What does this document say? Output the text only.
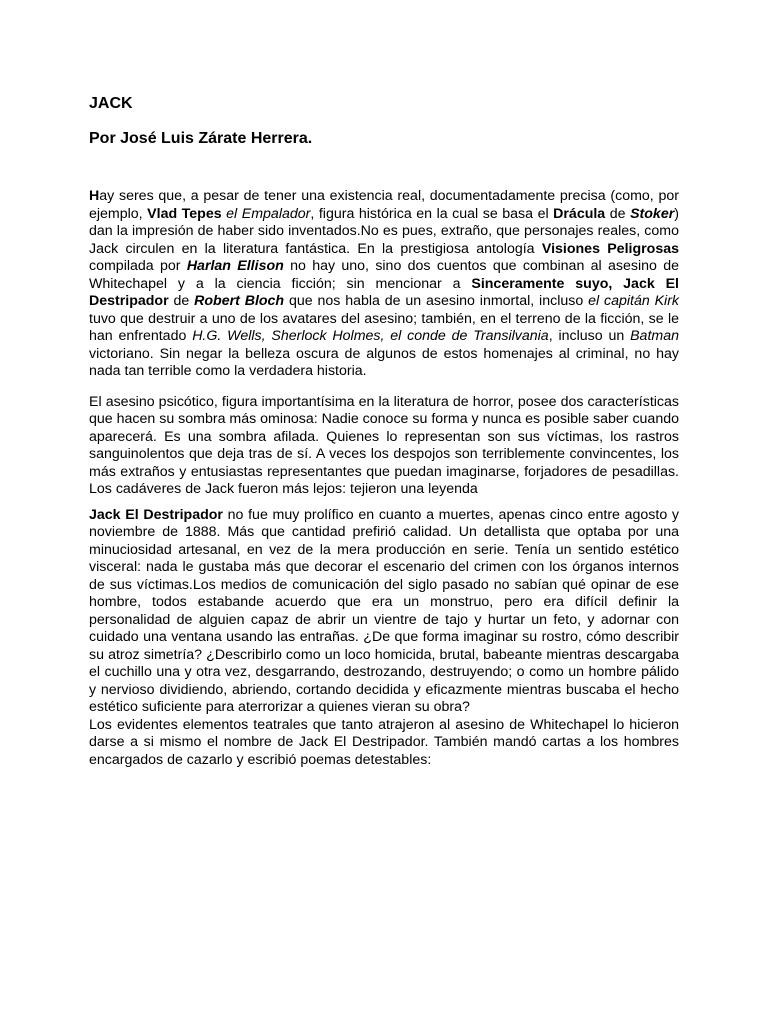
JACK
Por José Luis Zárate Herrera.

Hay seres que, a pesar de tener una existencia real, documentadamente precisa (como, por ejemplo, Vlad Tepes el Empalador, figura histórica en la cual se basa el Drácula de Stoker) dan la impresión de haber sido inventados.No es pues, extraño, que personajes reales, como Jack circulen en la literatura fantástica. En la prestigiosa antología Visiones Peligrosas compilada por Harlan Ellison no hay uno, sino dos cuentos que combinan al asesino de Whitechapel y a la ciencia ficción; sin mencionar a Sinceramente suyo, Jack El Destripador de Robert Bloch que nos habla de un asesino inmortal, incluso el capitán Kirk tuvo que destruir a uno de los avatares del asesino; también, en el terreno de la ficción, se le han enfrentado H.G. Wells, Sherlock Holmes, el conde de Transilvania, incluso un Batman victoriano. Sin negar la belleza oscura de algunos de estos homenajes al criminal, no hay nada tan terrible como la verdadera historia.

El asesino psicótico, figura importantísima en la literatura de horror, posee dos características que hacen su sombra más ominosa: Nadie conoce su forma y nunca es posible saber cuando aparecerá. Es una sombra afilada. Quienes lo representan son sus víctimas, los rastros sanguinolentos que deja tras de sí. A veces los despojos son terriblemente convincentes, los más extraños y entusiastas representantes que puedan imaginarse, forjadores de pesadillas. Los cadáveres de Jack fueron más lejos: tejieron una leyenda

Jack El Destripador no fue muy prolífico en cuanto a muertes, apenas cinco entre agosto y noviembre de 1888. Más que cantidad prefirió calidad. Un detallista que optaba por una minuciosidad artesanal, en vez de la mera producción en serie. Tenía un sentido estético visceral: nada le gustaba más que decorar el escenario del crimen con los órganos internos de sus víctimas.Los medios de comunicación del siglo pasado no sabían qué opinar de ese hombre, todos estabande acuerdo que era un monstruo, pero era difícil definir la personalidad de alguien capaz de abrir un vientre de tajo y hurtar un feto, y adornar con cuidado una ventana usando las entrañas. ¿De que forma imaginar su rostro, cómo describir su atroz simetría? ¿Describirlo como un loco homicida, brutal, babeante mientras descargaba el cuchillo una y otra vez, desgarrando, destrozando, destruyendo; o como un hombre pálido y nervioso dividiendo, abriendo, cortando decidida y eficazmente mientras buscaba el hecho estético suficiente para aterrorizar a quienes vieran su obra?

Los evidentes elementos teatrales que tanto atrajeron al asesino de Whitechapel lo hicieron darse a si mismo el nombre de Jack El Destripador. También mandó cartas a los hombres encargados de cazarlo y escribió poemas detestables:
